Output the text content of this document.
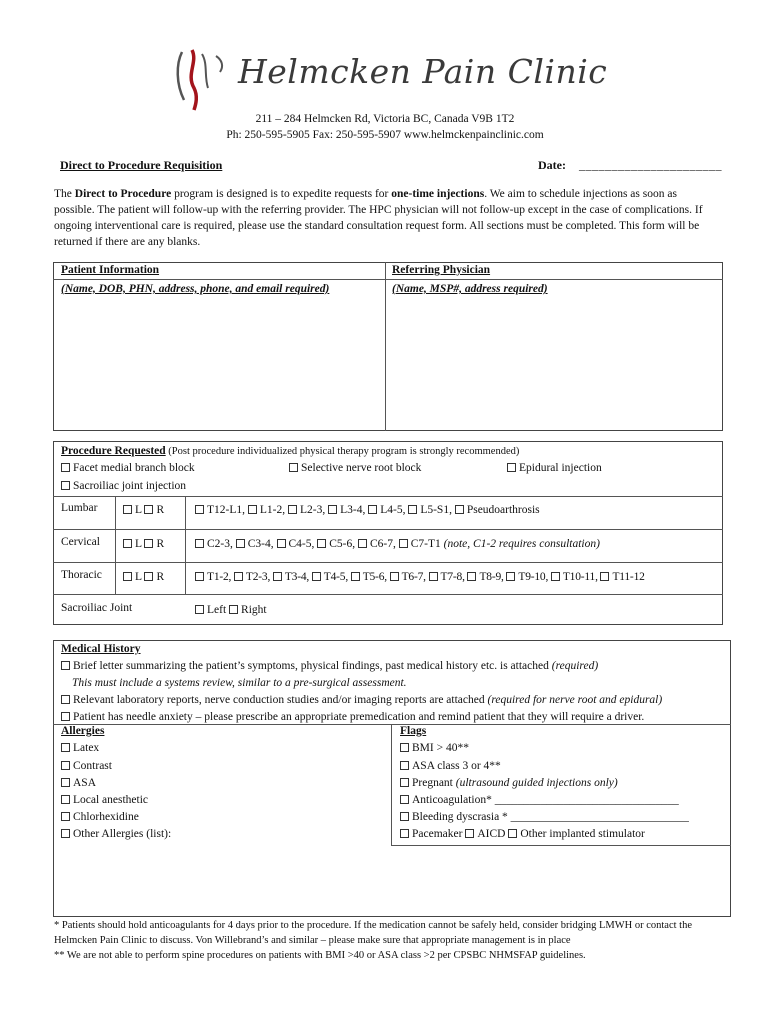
Helmcken Pain Clinic
211 – 284 Helmcken Rd, Victoria BC, Canada V9B 1T2
Ph: 250-595-5905 Fax: 250-595-5907 www.helmckenpainclinic.com
Direct to Procedure Requisition	Date: ______________________
The Direct to Procedure program is designed is to expedite requests for one-time injections. We aim to schedule injections as soon as possible. The patient will follow-up with the referring provider. The HPC physician will not follow-up except in the case of complications. If ongoing interventional care is required, please use the standard consultation request form. All sections must be completed. This form will be returned if there are any blanks.
Patient Information
(Name, DOB, PHN, address, phone, and email required)
Referring Physician
(Name, MSP#, address required)
Procedure Requested (Post procedure individualized physical therapy program is strongly recommended)
Facet medial branch block	Selective nerve root block	Epidural injection
Sacroiliac joint injection
Lumbar	L R	T12-L1, L1-2, L2-3, L3-4, L4-5, L5-S1, Pseudoarthrosis
Cervical	L R	C2-3, C3-4, C4-5, C5-6, C6-7, C7-T1 (note, C1-2 requires consultation)
Thoracic	L R	T1-2, T2-3, T3-4, T4-5, T5-6, T6-7, T7-8, T8-9, T9-10, T10-11, T11-12
Sacroiliac Joint	Left Right
Medical History
Brief letter summarizing the patient’s symptoms, physical findings, past medical history etc. is attached (required)
This must include a systems review, similar to a pre-surgical assessment.
Relevant laboratory reports, nerve conduction studies and/or imaging reports are attached (required for nerve root and epidural)
Patient has needle anxiety – please prescribe an appropriate premedication and remind patient that they will require a driver.
Allergies
Latex
Contrast
ASA
Local anesthetic
Chlorhexidine
Other Allergies (list):
Flags
BMI > 40**
ASA class 3 or 4**
Pregnant (ultrasound guided injections only)
Anticoagulation* ________________________________
Bleeding dyscrasia * _______________________________
Pacemaker AICD Other implanted stimulator
* Patients should hold anticoagulants for 4 days prior to the procedure. If the medication cannot be safely held, consider bridging LMWH or contact the Helmcken Pain Clinic to discuss. Von Willebrand’s and similar – please make sure that appropriate management is in place
** We are not able to perform spine procedures on patients with BMI >40 or ASA class >2 per CPSBC NHMSFAP guidelines.
